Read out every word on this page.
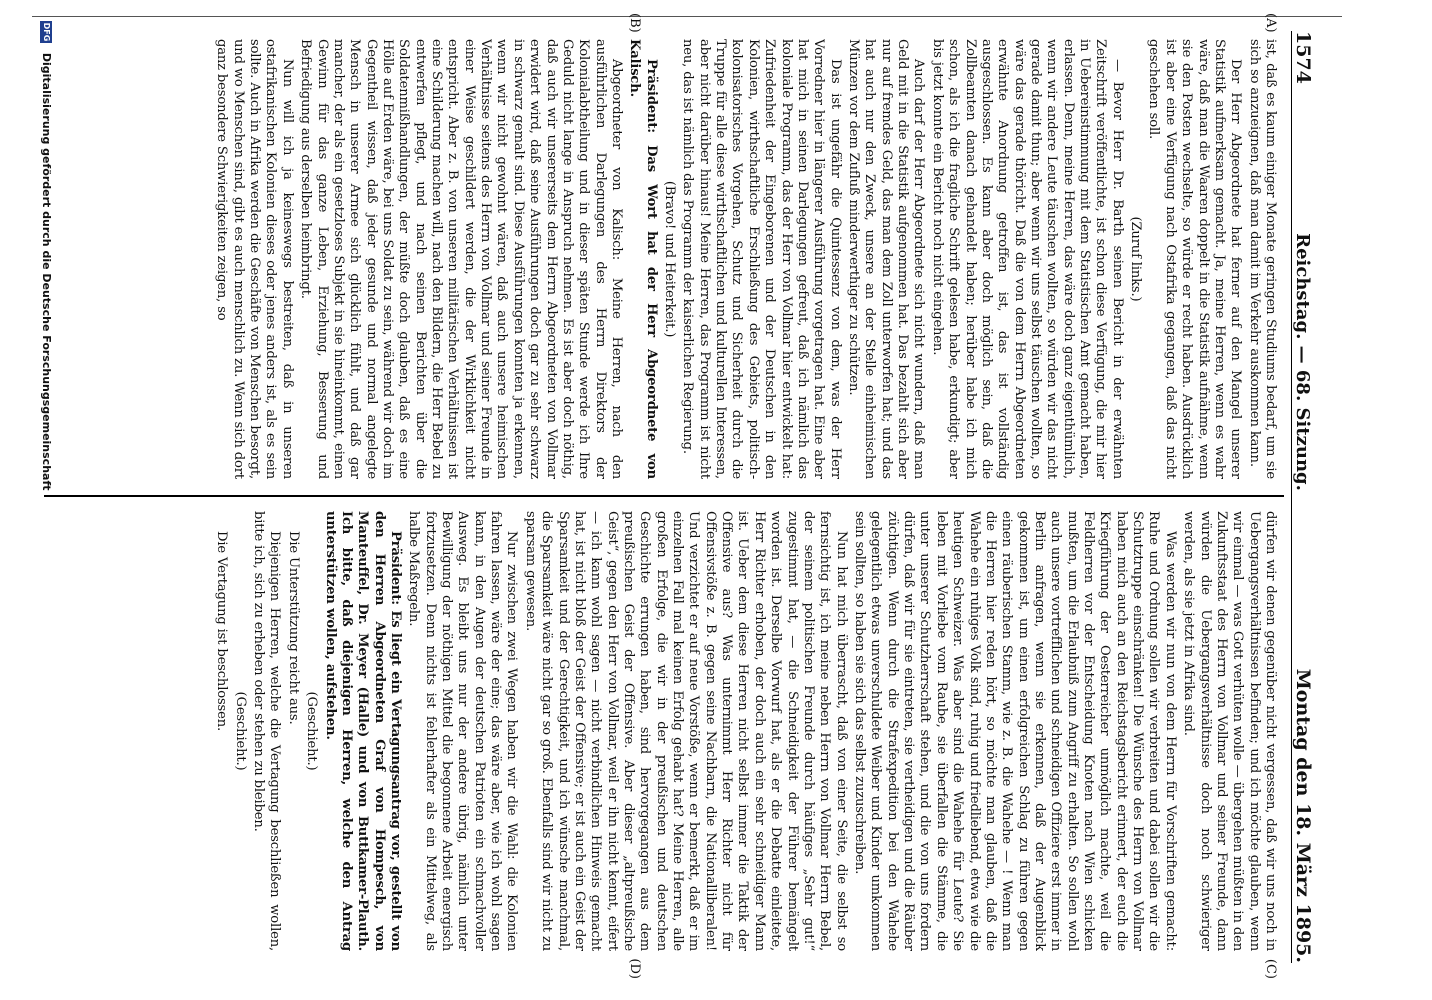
1574
Reichstag. — 68. Sitzung.
Montag den 18. März 1895.
(A)
(B)
(C)
(D)

ist, daß es kaum einiger Monate geringen Studiums bedarf, um sie sich so anzueignen, daß man damit im Verkehr auskommen kann.

Der Herr Abgeordnete hat ferner auf den Mangel unserer Statistik aufmerksam gemacht. Ja, meine Herren, wenn es wahr wäre, daß man die Waaren doppelt in die Statistik aufnähme, wenn sie den Posten wechselte, so würde er recht haben. Ausdrücklich ist aber eine Verfügung nach Ostafrika gegangen, daß das nicht geschehen soll.

(Zuruf links.)

— Bevor Herr Dr. Barth seinen Bericht in der erwähnten Zeitschrift veröffentlichte, ist schon diese Verfügung, die mir hier in Uebereinstimmung mit dem Statistischen Amt gemacht haben, erlassen. Denn, meine Herren, das wäre doch ganz eigenthümlich, wenn wir andere Leute täuschen wollten, so würden wir das nicht gerade damit thun; aber wenn wir uns selbst täuschen wollten, so wäre das gerade thöricht. Daß die von dem Herrn Abgeordneten erwähnte Anordnung getroffen ist, das ist vollständig ausgeschlossen. Es kann aber doch möglich sein, daß die Zollbeamten danach gehandelt haben; herüber habe ich mich schon, als ich die fragliche Schrift gelesen habe, erkundigt; aber bis jetzt konnte ein Bericht noch nicht eingehen.

Auch darf der Herr Abgeordnete sich nicht wundern, daß man Geld mit in die Statistik aufgenommen hat. Das bezahlt sich aber nur auf fremdes Geld, das man dem Zoll unterworfen hat; und das hat auch nur den Zweck, unsere an der Stelle einheimischen Münzen vor dem Zufluß minderwerthiger zu schützen.

Das ist ungefähr die Quintessenz von dem, was der Herr Vorredner hier in längerer Ausführung vorgetragen hat. Eine aber hat mich in seinen Darlegungen gefreut, daß ich nämlich das koloniale Programm, das der Herr von Vollmar hier entwickelt hat: Zufriedenheit der Eingeborenen und der Deutschen in den Kolonien, wirthschaftliche Erschließung des Gebiets, politisch-kolonisatorisches Vorgehen, Schutz und Sicherheit durch die Truppe für alle diese wirthschaftlichen und kulturellen Interessen, aber nicht darüber hinaus! Meine Herren, das Programm ist nicht neu, das ist nämlich das Programm der kaiserlichen Regierung.

(Bravo! und Heiterkeit.)

Präsident: Das Wort hat der Herr Abgeordnete von Kalisch.

Abgeordneter von Kalisch: Meine Herren, nach den ausführlichen Darlegungen des Herrn Direktors der Kolonialabtheilung und in dieser späten Stunde werde ich Ihre Geduld nicht lange in Anspruch nehmen. Es ist aber doch nöthig, daß auch wir unsererseits dem Herrn Abgeordneten von Vollmar erwidert wird, daß seine Ausführungen doch gar zu sehr schwarz in schwarz gemalt sind. Diese Ausführungen konnten ja erkennen, wenn wir nicht gewohnt wären, daß auch unsere heimischen Verhältnisse seitens des Herrn von Vollmar und seiner Freunde in einer Weise geschildert werden, die der Wirklichkeit nicht entspricht. Aber z. B. von unseren militärischen Verhältnissen ist eine Schilderung machen will, nach den Bildern, die Herr Bebel zu entwerfen pflegt, und nach seinen Berichten über die Soldatenmißhandlungen, der müßte doch glauben, daß es eine Hölle auf Erden wäre, bei uns Soldat zu sein, während wir doch im Gegentheil wissen, daß jeder gesunde und normal angelegte Mensch in unserer Armee sich glücklich fühlt, und daß gar mancher, der als ein gesetzloses Subjekt in sie hineinkommt, einen Gewinn für das ganze Leben, Erziehung, Besserung und Befriedigung aus derselben heimbringt.

Nun will ich ja keineswegs bestreiten, daß in unseren ostafrikanischen Kolonien dieses oder jenes anders ist, als es sein sollte. Auch in Afrika werden die Geschäfte von Menschen besorgt, und wo Menschen sind, gibt es auch menschlich zu. Wenn sich dort ganz besondere Schwierigkeiten zeigen, so

dürfen wir denen gegenüber nicht vergessen, daß wir uns noch in Uebergangsverhältnissen befinden; und ich möchte glauben, wenn wir einmal — was Gott verhüten wolle — übergehen müßten in den Zukunftsstaat des Herrn von Vollmar und seiner Freunde, dann würden die Uebergangsverhältnisse doch noch schwieriger werden, als sie jetzt in Afrika sind.

Was werden wir nun von dem Herrn für Vorschriften gemacht: Ruhe und Ordnung sollen wir verbreiten und dabei sollen wir die Schutztruppe einschränken! Die Wünsche des Herrn von Vollmar haben mich auch an den Reichstagsbericht erinnert, der euch die Kriegführung der Oesterreicher unmöglich machte, weil die Feldherren vor der Entscheidung Knoten nach Wien schicken mußten, um die Erlaubniß zum Angriff zu erhalten. So sollen wohl auch unsere vortrefflichen und schneidigen Offiziere erst immer in Berlin anfragen, wenn sie erkennen, daß der Augenblick gekommen ist, um einen erfolgreichen Schlag zu führen gegen einen räuberischen Stamm, wie z. B. die Wahehe — ! Wenn man die Herren hier reden hört, so möchte man glauben, daß die Wahehe ein ruhiges Volk sind, ruhig und friedliebend, etwa wie die heutigen Schweizer. Was aber sind die Wahehe für Leute? Sie leben mit Vorliebe vom Raube, sie überfallen die Stämme, die unter unserer Schutzherrschaft stehen, und die von uns fordern dürfen, daß wir für sie eintreten, sie vertheidigen und die Räuber züchtigen. Wenn durch die Strafexpedition bei den Wahehe gelegentlich etwas unverschuldete Weiber und Kinder umkommen sein sollten, so haben sie sich das selbst zuzuschreiben.

Nun hat mich überrascht, daß von einer Seite, die selbst so fernsichtig ist, ich meine neben Herrn von Vollmar Herrn Bebel, der seinem politischen Freunde durch häufiges „Sehr gut!“ zugestimmt hat, — die Schneidigkeit der Führer bemängelt worden ist. Derselbe Vorwurf hat, als er die Debatte einleitete, Herr Richter erhoben, der doch auch ein sehr schneidiger Mann ist. Ueber dem diese Herren nicht selbst immer die Taktik der Offensive aus? Was unternimmt Herr Richter nicht für Offensivstöße z. B. gegen seine Nachbarn, die Nationalliberalen! Und verzichtet er auf neue Vorstöße, wenn er bemerkt, daß er im einzelnen Fall mal keinen Erfolg gehabt hat? Meine Herren, alle großen Erfolge, die wir in der preußischen und deutschen Geschichte errungen haben, sind hervorgegangen aus dem preußischen Geist der Offensive. Aber dieser „altpreußische Geist“, gegen den Herr von Vollmar, weil er ihn nicht kennt, eifert — ich kann wohl sagen — nicht verbindlichen Hinweis gemacht hat, ist nicht bloß der Geist der Offensive; er ist auch ein Geist der Sparsamkeit und der Gerechtigkeit, und ich wünsche manchmal, die Sparsamkeit wäre nicht gar so groß. Ebenfalls sind wir nicht zu sparsam gewesen.

Nur zwischen zwei Wegen haben wir die Wahl: die Kolonien fahren lassen, wäre der eine; das wäre aber, wie ich wohl sagen kann, in den Augen der deutschen Patrioten ein schmachvoller Ausweg. Es bleibt uns nur der andere übrig, nämlich unter Bewilligung der nöthigen Mittel die begonnene Arbeit energisch fortzusetzen. Denn nichts ist fehlerhafter als ein Mittelweg, als halbe Maßregeln.

Präsident: Es liegt ein Vertagungsantrag vor, gestellt von den Herren Abgeordneten Graf von Hompesch, von Manteuffel, Dr. Meyer (Halle) und von Buttkamer-Plauth. Ich bitte, daß diejenigen Herren, welche den Antrag unterstützen wollen, aufstehen.

(Geschieht.)

Die Unterstützung reicht aus.

Diejenigen Herren, welche die Vertagung beschließen wollen, bitte ich, sich zu erheben oder stehen zu bleiben.

(Geschieht.)

Die Vertagung ist beschlossen.

DFG Digitalisierung gefördert durch die Deutsche Forschungsgemeinschaft
